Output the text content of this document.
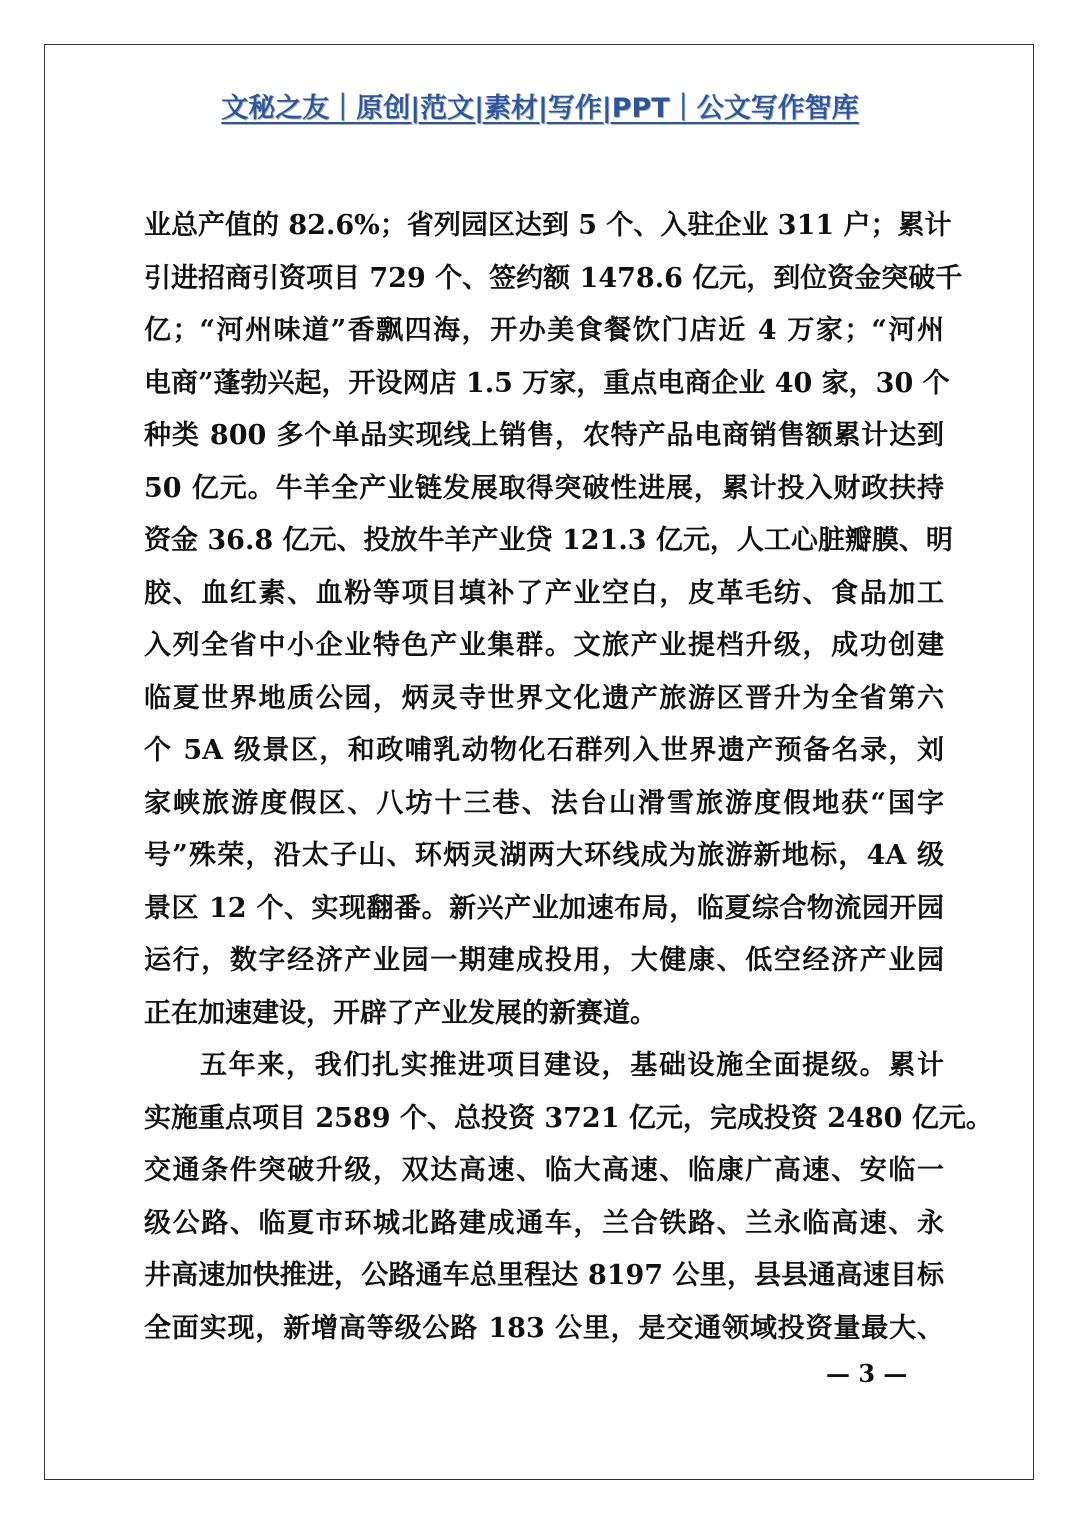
文秘之友｜原创|范文|素材|写作|PPT｜公文写作智库
业总产值的 82.6%；省列园区达到 5 个、入驻企业 311 户；累计
引进招商引资项目 729 个、签约额 1478.6 亿元，到位资金突破千
亿；“河州味道”香飘四海，开办美食餐饮门店近 4 万家；“河州
电商”蓬勃兴起，开设网店 1.5 万家，重点电商企业 40 家，30 个
种类 800 多个单品实现线上销售，农特产品电商销售额累计达到
50 亿元。牛羊全产业链发展取得突破性进展，累计投入财政扶持
资金 36.8 亿元、投放牛羊产业贷 121.3 亿元，人工心脏瓣膜、明
胶、血红素、血粉等项目填补了产业空白，皮革毛纺、食品加工
入列全省中小企业特色产业集群。文旅产业提档升级，成功创建
临夏世界地质公园，炳灵寺世界文化遗产旅游区晋升为全省第六
个 5A 级景区，和政哺乳动物化石群列入世界遗产预备名录，刘
家峡旅游度假区、八坊十三巷、法台山滑雪旅游度假地获“国字
号”殊荣，沿太子山、环炳灵湖两大环线成为旅游新地标，4A 级
景区 12 个、实现翻番。新兴产业加速布局，临夏综合物流园开园
运行，数字经济产业园一期建成投用，大健康、低空经济产业园
正在加速建设，开辟了产业发展的新赛道。
五年来，我们扎实推进项目建设，基础设施全面提级。累计
实施重点项目 2589 个、总投资 3721 亿元，完成投资 2480 亿元。
交通条件突破升级，双达高速、临大高速、临康广高速、安临一
级公路、临夏市环城北路建成通车，兰合铁路、兰永临高速、永
井高速加快推进，公路通车总里程达 8197 公里，县县通高速目标
全面实现，新增高等级公路 183 公里，是交通领域投资量最大、
— 3 —
